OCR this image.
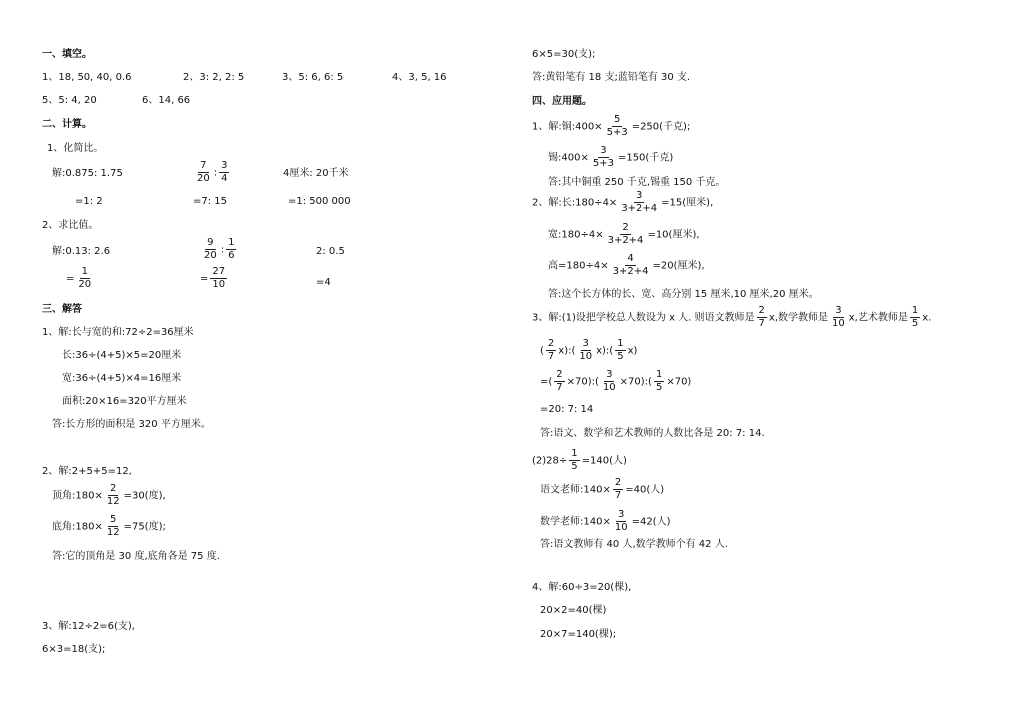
一、填空。
1、18, 50, 40, 0.6	2、3: 2, 2: 5	3、5: 6, 6: 5	4、3, 5, 16
5、5: 4, 20	6、14, 66
二、计算。
1、化简比。
解:0.875: 1.75
=1: 2
$\frac{7}{20}$ : $\frac{3}{4}$
=7: 15
4厘米: 20千米
=1: 500 000
2、求比值。
解:0.13: 2.6
= $\frac{1}{20}$
$\frac{9}{20}$ : $\frac{1}{6}$
= $\frac{27}{10}$
2: 0.5
=4
三、解答
1、解:长与宽的和:72÷2=36厘米
长:36÷(4+5)×5=20厘米
宽:36÷(4+5)×4=16厘米
面积:20×16=320平方厘米
答:长方形的面积是 320 平方厘米。
2、解:2+5+5=12,
顶角:180× $\frac{2}{12} =30$(度),
底角:180× $\frac{5}{12} =75$(度);
答:它的顶角是 30 度,底角各是 75 度.
3、解:12÷2=6(支),
6×3=18(支);
6×5=30(支);
答:黄铅笔有 18 支;蓝铅笔有 30 支.
四、应用题。
1、解:铜:400× $\frac{5}{5+3} =250$(千克);
锡:400× $\frac{3}{5+3} =150$(千克)
答:其中铜重 250 千克,锡重 150 千克。
2、解:长:180÷4× $\frac{3}{3+2+4} =15$(厘米),
宽:180÷4× $\frac{2}{3+2+4} =10$(厘米),
高$=180\div 4\times \frac{4}{3+2+4} =20$(厘米),
答:这个长方体的长、宽、高分别 15 厘米,10 厘米,20 厘米。
3、解:(1)设把学校总人数设为 x 人. 则语文教师是 $\frac{2}{7} x$,数学教师是 $\frac{3}{10} x$,艺术教师是 $\frac{1}{5} x$.
( $\frac{2}{7}$ x):( $\frac{3}{10}$ x):( $\frac{1}{5} x$)
=( $\frac{2}{7}$ ×70):( $\frac{3}{10}$ ×70):( $\frac{1}{5} \times 70$)
=20: 7: 14
答:语文、数学和艺术教师的人数比各是 20: 7: 14.
$(2)28\div \frac{1}{5} =140$(人)
语文老师:140× $\frac{2}{7} =40$(人)
数学老师:140× $\frac{3}{10} =42$(人)
答:语文教师有 40 人,数学教师个有 42 人.
4、解:60÷3=20(棵),
20×2=40(棵)
20×7=140(棵);
